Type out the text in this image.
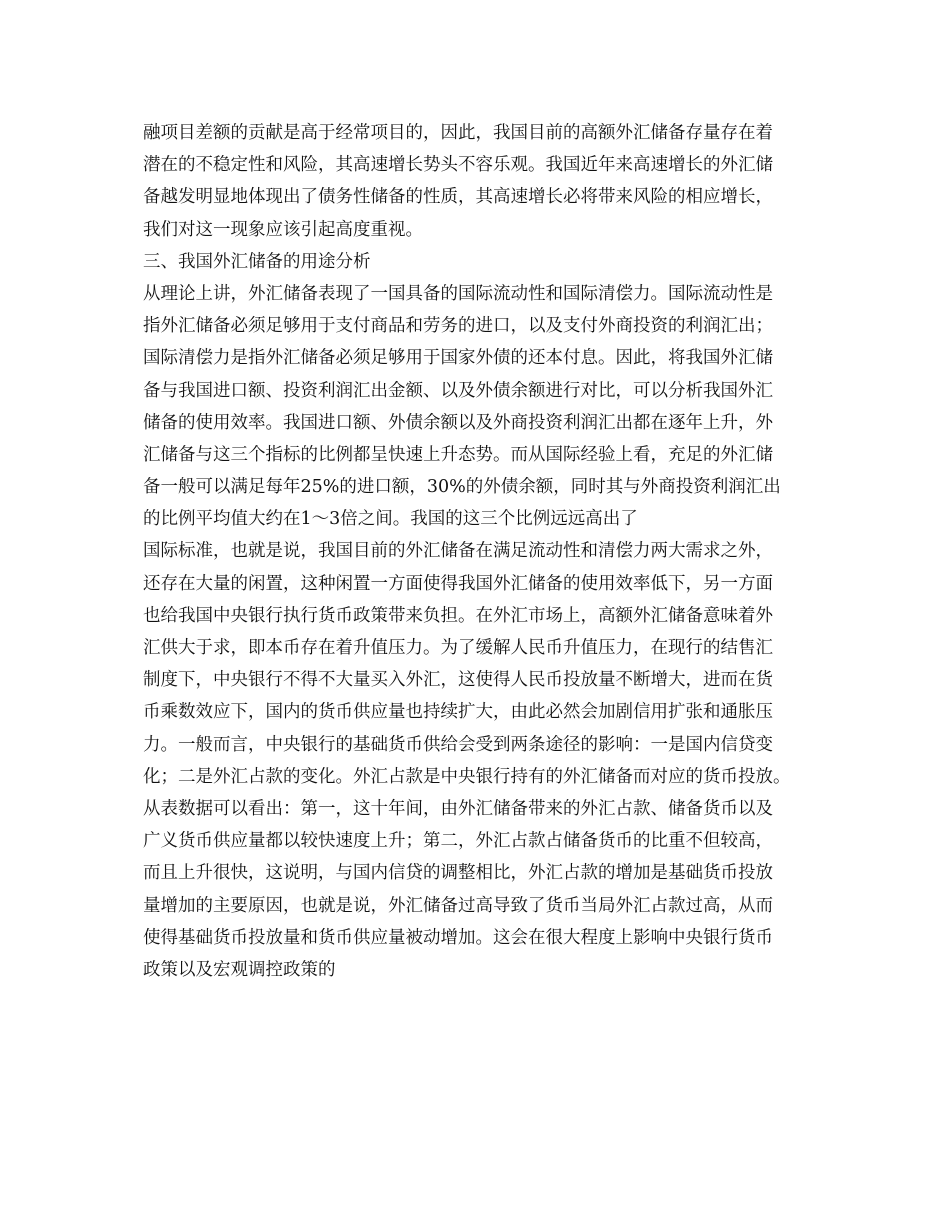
融项目差额的贡献是高于经常项目的，因此，我国目前的高额外汇储备存量存在着
潜在的不稳定性和风险，其高速增长势头不容乐观。我国近年来高速增长的外汇储
备越发明显地体现出了债务性储备的性质，其高速增长必将带来风险的相应增长，
我们对这一现象应该引起高度重视。
三、我国外汇储备的用途分析
从理论上讲，外汇储备表现了一国具备的国际流动性和国际清偿力。国际流动性是
指外汇储备必须足够用于支付商品和劳务的进口，以及支付外商投资的利润汇出；
国际清偿力是指外汇储备必须足够用于国家外债的还本付息。因此，将我国外汇储
备与我国进口额、投资利润汇出金额、以及外债余额进行对比，可以分析我国外汇
储备的使用效率。我国进口额、外债余额以及外商投资利润汇出都在逐年上升，外
汇储备与这三个指标的比例都呈快速上升态势。而从国际经验上看，充足的外汇储
备一般可以满足每年25%的进口额，30%的外债余额，同时其与外商投资利润汇出
的比例平均值大约在1～3倍之间。我国的这三个比例远远高出了
国际标准，也就是说，我国目前的外汇储备在满足流动性和清偿力两大需求之外，
还存在大量的闲置，这种闲置一方面使得我国外汇储备的使用效率低下，另一方面
也给我国中央银行执行货币政策带来负担。在外汇市场上，高额外汇储备意味着外
汇供大于求，即本币存在着升值压力。为了缓解人民币升值压力，在现行的结售汇
制度下，中央银行不得不大量买入外汇，这使得人民币投放量不断增大，进而在货
币乘数效应下，国内的货币供应量也持续扩大，由此必然会加剧信用扩张和通胀压
力。一般而言，中央银行的基础货币供给会受到两条途径的影响：一是国内信贷变
化；二是外汇占款的变化。外汇占款是中央银行持有的外汇储备而对应的货币投放。
从表数据可以看出：第一，这十年间，由外汇储备带来的外汇占款、储备货币以及
广义货币供应量都以较快速度上升；第二，外汇占款占储备货币的比重不但较高，
而且上升很快，这说明，与国内信贷的调整相比，外汇占款的增加是基础货币投放
量增加的主要原因，也就是说，外汇储备过高导致了货币当局外汇占款过高，从而
使得基础货币投放量和货币供应量被动增加。这会在很大程度上影响中央银行货币
政策以及宏观调控政策的
